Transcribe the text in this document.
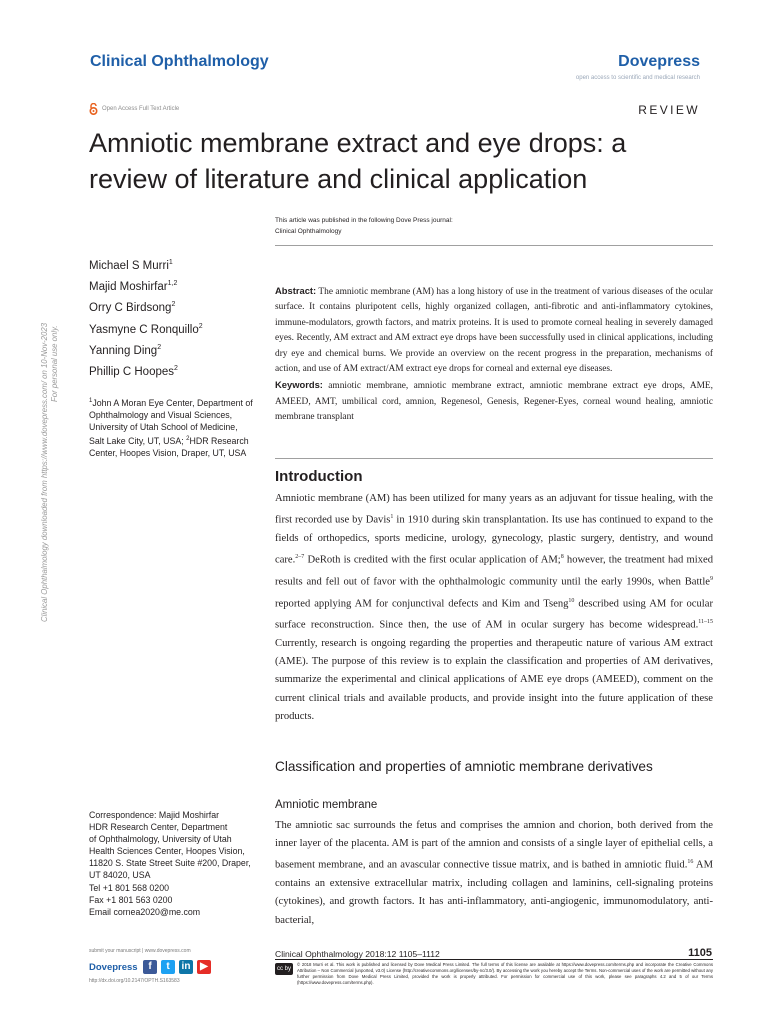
Clinical Ophthalmology	Dovepress
open access to scientific and medical research
Open Access Full Text Article	REVIEW
Amniotic membrane extract and eye drops: a review of literature and clinical application
This article was published in the following Dove Press journal:
Clinical Ophthalmology
Michael S Murri$^1$
Majid Moshirfar$^{1,2}$
Orry C Birdsong$^2$
Yasmyne C Ronquillo$^2$
Yanning Ding$^2$
Phillip C Hoopes$^2$
$^1$John A Moran Eye Center, Department of Ophthalmology and Visual Sciences, University of Utah School of Medicine, Salt Lake City, UT, USA; $^2$HDR Research Center, Hoopes Vision, Draper, UT, USA
Abstract: The amniotic membrane (AM) has a long history of use in the treatment of various diseases of the ocular surface. It contains pluripotent cells, highly organized collagen, anti-fibrotic and anti-inflammatory cytokines, immune-modulators, growth factors, and matrix proteins. It is used to promote corneal healing in severely damaged eyes. Recently, AM extract and AM extract eye drops have been successfully used in clinical applications, including dry eye and chemical burns. We provide an overview on the recent progress in the preparation, mechanisms of action, and use of AM extract/AM extract eye drops for corneal and external eye diseases.
Keywords: amniotic membrane, amniotic membrane extract, amniotic membrane extract eye drops, AME, AMEED, AMT, umbilical cord, amnion, Regenesol, Genesis, Regener-Eyes, corneal wound healing, amniotic membrane transplant
Introduction
Amniotic membrane (AM) has been utilized for many years as an adjuvant for tissue healing, with the first recorded use by Davis$^1$ in 1910 during skin transplantation. Its use has continued to expand to the fields of orthopedics, sports medicine, urology, gynecology, plastic surgery, dentistry, and wound care.$^{2-7}$ DeRoth is credited with the first ocular application of AM;$^8$ however, the treatment had mixed results and fell out of favor with the ophthalmologic community until the early 1990s, when Battle$^9$ reported applying AM for conjunctival defects and Kim and Tseng$^{10}$ described using AM for ocular surface reconstruction. Since then, the use of AM in ocular surgery has become widespread.$^{11-15}$ Currently, research is ongoing regarding the properties and therapeutic nature of various AM extract (AME). The purpose of this review is to explain the classification and properties of AM derivatives, summarize the experimental and clinical applications of AME eye drops (AMEED), comment on the current clinical trials and available products, and provide insight into the future application of these products.
Classification and properties of amniotic membrane derivatives
Amniotic membrane
The amniotic sac surrounds the fetus and comprises the amnion and chorion, both derived from the inner layer of the placenta. AM is part of the amnion and consists of a single layer of epithelial cells, a basement membrane, and an avascular connective tissue matrix, and is bathed in amniotic fluid.$^{16}$ AM contains an extensive extracellular matrix, including collagen and laminins, cell-signaling proteins (cytokines), and growth factors. It has anti-inflammatory, anti-angiogenic, immunomodulatory, anti-bacterial,
Correspondence: Majid Moshirfar
HDR Research Center, Department
of Ophthalmology, University of Utah
Health Sciences Center, Hoopes Vision,
11820 S. State Street Suite #200, Draper,
UT 84020, USA
Tel +1 801 568 0200
Fax +1 801 563 0200
Email cornea2020@me.com
Clinical Ophthalmology downloaded from https://www.dovepress.com/ on 10-Nov-2023 For personal use only.
submit your manuscript | www.dovepress.com
Dovepress	f	t	in ▶
http://dx.doi.org/10.2147/OPTH.S163583
Clinical Ophthalmology 2018:12 1105–1112	1105
cc by nc
© 2018 Murri et al. This work is published and licensed by Dove Medical Press Limited. The full terms of this license are available at https://www.dovepress.com/terms.php and incorporate the Creative Commons Attribution – Non Commercial (unported, v3.0) License (http://creativecommons.org/licenses/by-nc/3.0/). By accessing the work you hereby accept the Terms. Non-commercial uses of the work are permitted without any further permission from Dove Medical Press Limited, provided the work is properly attributed. For permission for commercial use of this work, please see paragraphs 4.2 and 5 of our Terms (https://www.dovepress.com/terms.php).
